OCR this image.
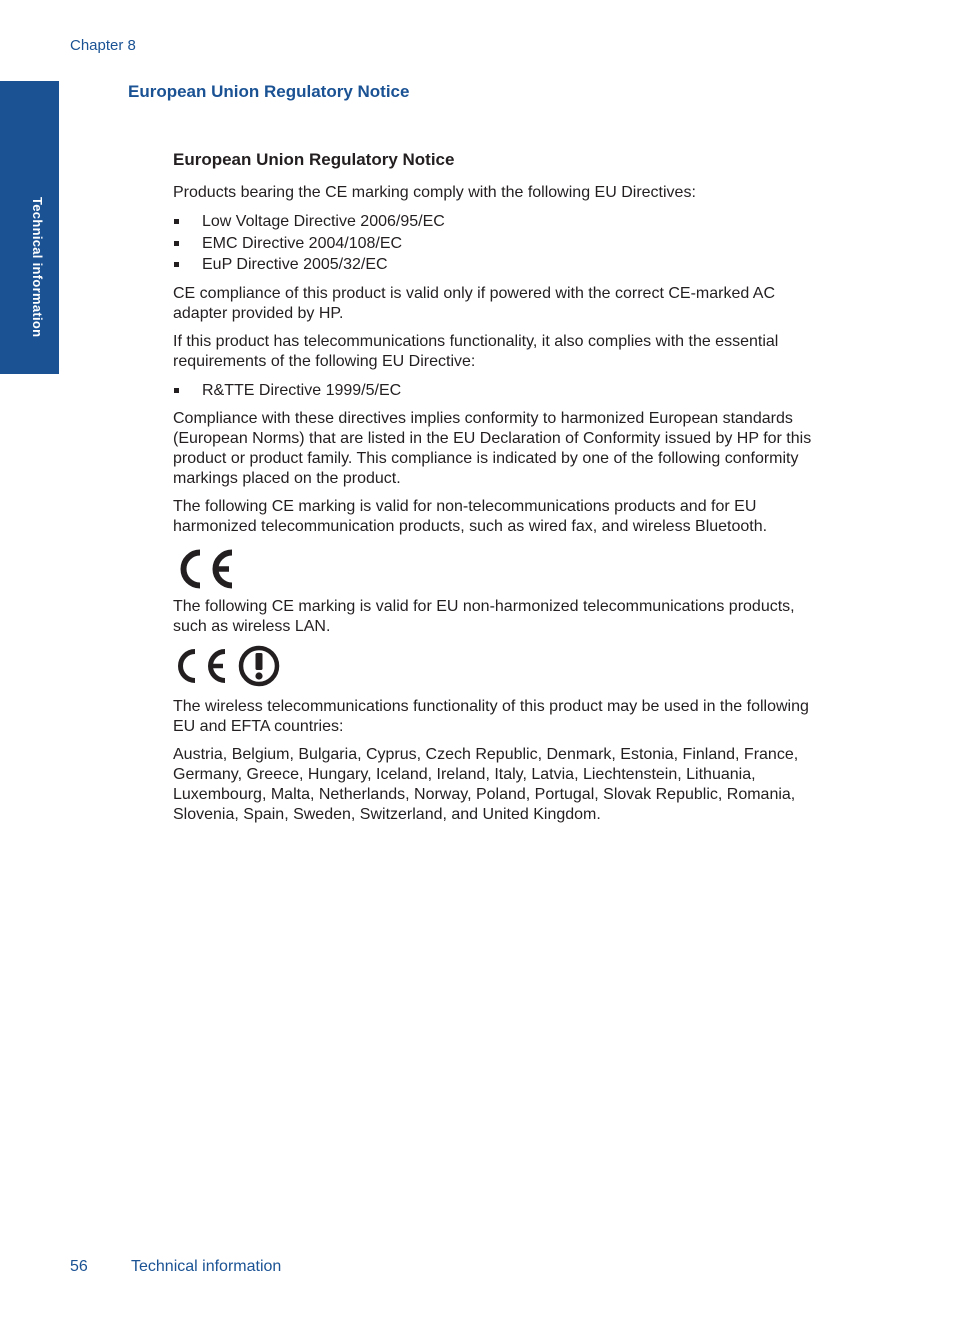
Technical information
Chapter 8
European Union Regulatory Notice
European Union Regulatory Notice

Products bearing the CE marking comply with the following EU Directives:

Low Voltage Directive 2006/95/EC
EMC Directive 2004/108/EC
EuP Directive 2005/32/EC

CE compliance of this product is valid only if powered with the correct CE-marked AC adapter provided by HP.

If this product has telecommunications functionality, it also complies with the essential requirements of the following EU Directive:

R&TTE Directive 1999/5/EC

Compliance with these directives implies conformity to harmonized European standards (European Norms) that are listed in the EU Declaration of Conformity issued by HP for this product or product family. This compliance is indicated by one of the following conformity markings placed on the product.

The following CE marking is valid for non-telecommunications products and for EU harmonized telecommunication products, such as wired fax, and wireless Bluetooth.

The following CE marking is valid for EU non-harmonized telecommunications products, such as wireless LAN.

The wireless telecommunications functionality of this product may be used in the following EU and EFTA countries:

Austria, Belgium, Bulgaria, Cyprus, Czech Republic, Denmark, Estonia, Finland, France, Germany, Greece, Hungary, Iceland, Ireland, Italy, Latvia, Liechtenstein, Lithuania, Luxembourg, Malta, Netherlands, Norway, Poland, Portugal, Slovak Republic, Romania, Slovenia, Spain, Sweden, Switzerland, and United Kingdom.

56	Technical information
